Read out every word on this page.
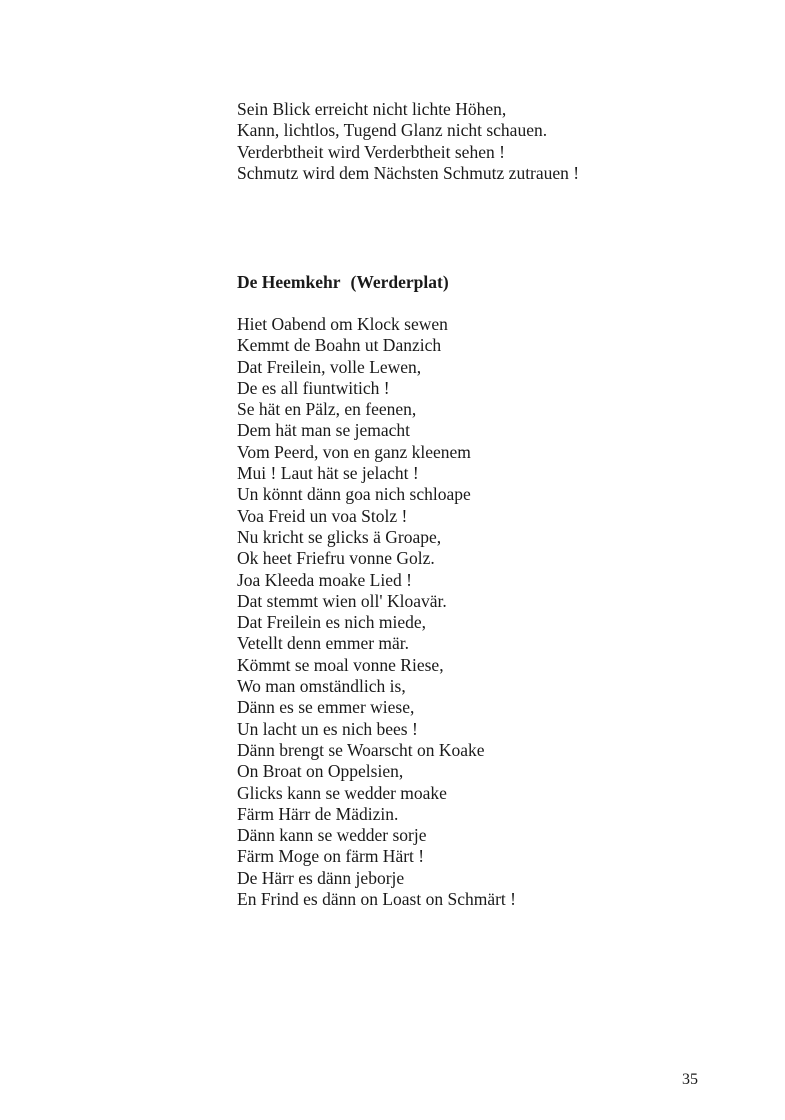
Sein Blick erreicht nicht lichte Höhen,
Kann, lichtlos, Tugend Glanz nicht schauen.
Verderbtheit wird Verderbtheit sehen !
Schmutz wird dem Nächsten Schmutz zutrauen !
De Heemkehr (Werderplat)
Hiet Oabend om Klock sewen
Kemmt de Boahn ut Danzich
Dat Freilein, volle Lewen,
De es all fiuntwitich !
Se hät en Pälz, en feenen,
Dem hät man se jemacht
Vom Peerd, von en ganz kleenem
Mui ! Laut hät se jelacht !
Un könnt dänn goa nich schloape
Voa Freid un voa Stolz !
Nu kricht se glicks ä Groape,
Ok heet Friefru vonne Golz.
Joa Kleeda moake Lied !
Dat stemmt wien oll' Kloavär.
Dat Freilein es nich miede,
Vetellt denn emmer mär.
Kömmt se moal vonne Riese,
Wo man omständlich is,
Dänn es se emmer wiese,
Un lacht un es nich bees !
Dänn brengt se Woarscht on Koake
On Broat on Oppelsien,
Glicks kann se wedder moake
Färm Härr de Mädizin.
Dänn kann se wedder sorje
Färm Moge on färm Härt !
De Härr es dänn jeborje
En Frind es dänn on Loast on Schmärt !
35
